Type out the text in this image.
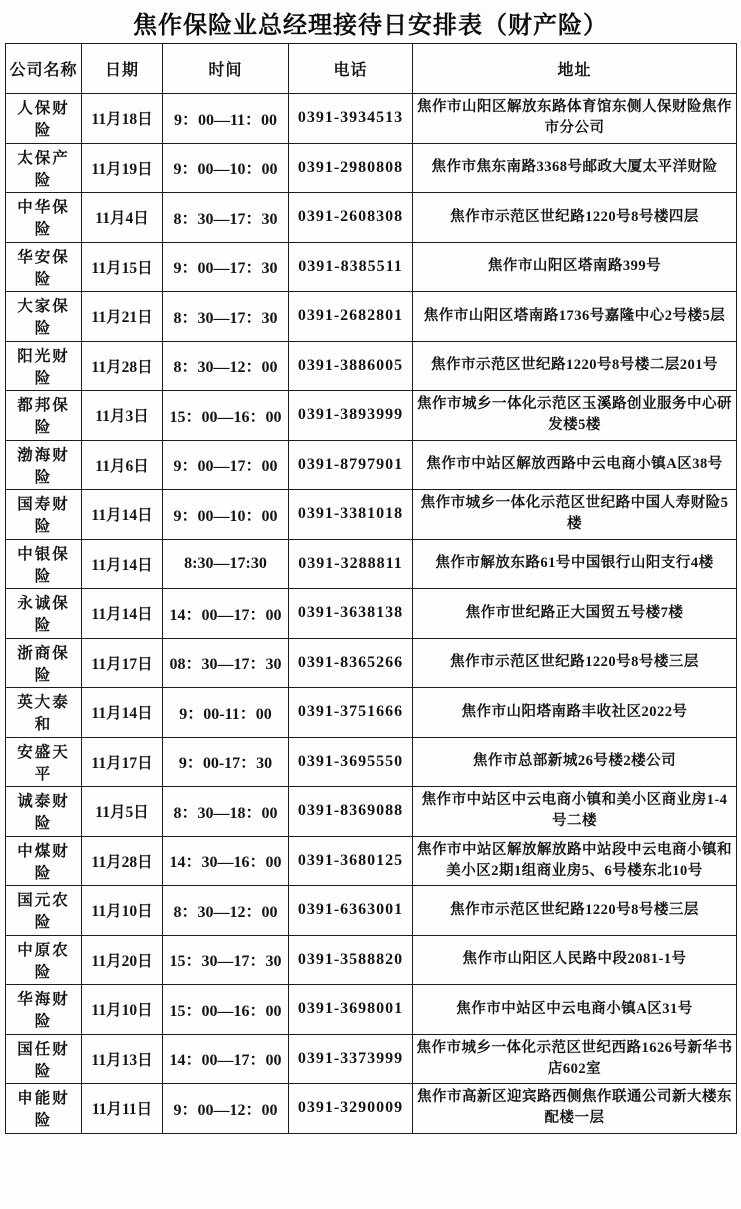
焦作保险业总经理接待日安排表（财产险）
公司名称	日期	时间	电话	地址
人保财险	11月18日	9：00—11：00	0391-3934513	焦作市山阳区解放东路体育馆东侧人保财险焦作市分公司
太保产险	11月19日	9：00—10：00	0391-2980808	焦作市焦东南路3368号邮政大厦太平洋财险
中华保险	11月4日	8：30—17：30	0391-2608308	焦作市示范区世纪路1220号8号楼四层
华安保险	11月15日	9：00—17：30	0391-8385511	焦作市山阳区塔南路399号
大家保险	11月21日	8：30—17：30	0391-2682801	焦作市山阳区塔南路1736号嘉隆中心2号楼5层
阳光财险	11月28日	8：30—12：00	0391-3886005	焦作市示范区世纪路1220号8号楼二层201号
都邦保险	11月3日	15：00—16：00	0391-3893999	焦作市城乡一体化示范区玉溪路创业服务中心研发楼5楼
渤海财险	11月6日	9：00—17：00	0391-8797901	焦作市中站区解放西路中云电商小镇A区38号
国寿财险	11月14日	9：00—10：00	0391-3381018	焦作市城乡一体化示范区世纪路中国人寿财险5楼
中银保险	11月14日	8:30—17:30	0391-3288811	焦作市解放东路61号中国银行山阳支行4楼
永诚保险	11月14日	14：00—17：00	0391-3638138	焦作市世纪路正大国贸五号楼7楼
浙商保险	11月17日	08：30—17：30	0391-8365266	焦作市示范区世纪路1220号8号楼三层
英大泰和	11月14日	9：00-11：00	0391-3751666	焦作市山阳塔南路丰收社区2022号
安盛天平	11月17日	9：00-17：30	0391-3695550	焦作市总部新城26号楼2楼公司
诚泰财险	11月5日	8：30—18：00	0391-8369088	焦作市中站区中云电商小镇和美小区商业房1-4号二楼
中煤财险	11月28日	14：30—16：00	0391-3680125	焦作市中站区解放解放路中站段中云电商小镇和美小区2期1组商业房5、6号楼东北10号
国元农险	11月10日	8：30—12：00	0391-6363001	焦作市示范区世纪路1220号8号楼三层
中原农险	11月20日	15：30—17：30	0391-3588820	焦作市山阳区人民路中段2081-1号
华海财险	11月10日	15：00—16：00	0391-3698001	焦作市中站区中云电商小镇A区31号
国任财险	11月13日	14：00—17：00	0391-3373999	焦作市城乡一体化示范区世纪西路1626号新华书店602室
申能财险	11月11日	9：00—12：00	0391-3290009	焦作市高新区迎宾路西侧焦作联通公司新大楼东配楼一层
